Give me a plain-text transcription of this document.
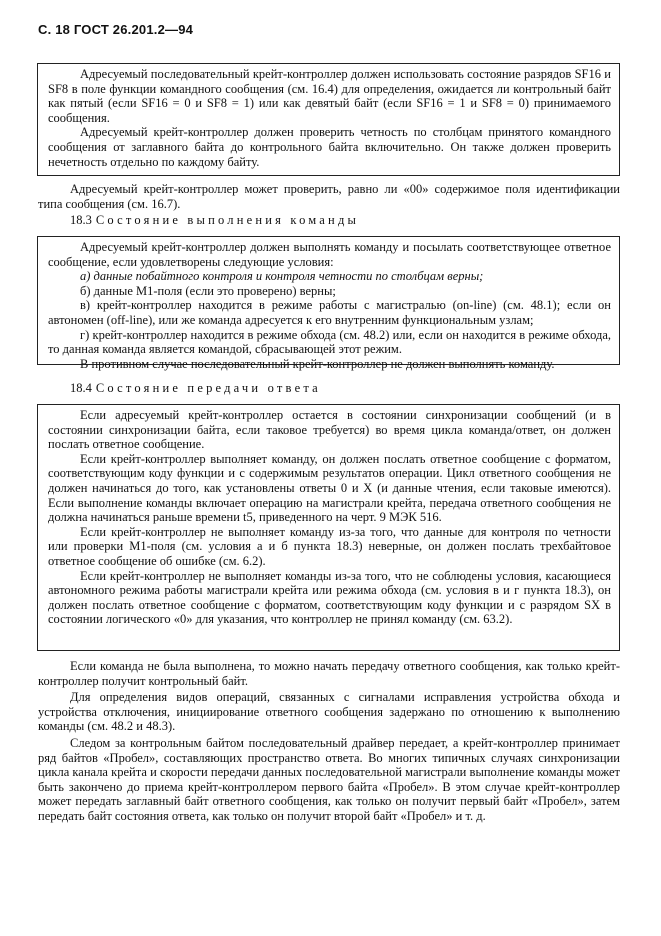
С. 18 ГОСТ 26.201.2—94

Адресуемый последовательный крейт-контроллер должен использовать состояние разрядов SF16 и SF8 в поле функции командного сообщения (см. 16.4) для определения, ожидается ли контрольный байт как пятый (если SF16 = 0 и SF8 = 1) или как девятый байт (если SF16 = 1 и SF8 = 0) принимаемого сообщения.

Адресуемый крейт-контроллер должен проверить четность по столбцам принятого командного сообщения от заглавного байта до контрольного байта включительно. Он также должен проверить нечетность отдельно по каждому байту.

Адресуемый крейт-контроллер может проверить, равно ли «00» содержимое поля идентификации типа сообщения (см. 16.7).

18.3 Состояние выполнения команды

Адресуемый крейт-контроллер должен выполнять команду и посылать соответствующее ответное сообщение, если удовлетворены следующие условия:

а) данные побайтного контроля и контроля четности по столбцам верны;

б) данные М1-поля (если это проверено) верны;

в) крейт-контроллер находится в режиме работы с магистралью (on-line) (см. 48.1); если он автономен (off-line), или же команда адресуется к его внутренним функциональным узлам;

г) крейт-контроллер находится в режиме обхода (см. 48.2) или, если он находится в режиме обхода, то данная команда является командой, сбрасывающей этот режим.

В противном случае последовательный крейт-контроллер не должен выполнять команду.

18.4 Состояние передачи ответа

Если адресуемый крейт-контроллер остается в состоянии синхронизации сообщений (и в состоянии синхронизации байта, если таковое требуется) во время цикла команда/ответ, он должен послать ответное сообщение.

Если крейт-контроллер выполняет команду, он должен послать ответное сообщение с форматом, соответствующим коду функции и с содержимым результатов операции. Цикл ответного сообщения не должен начинаться до того, как установлены ответы 0 и X (и данные чтения, если таковые имеются). Если выполнение команды включает операцию на магистрали крейта, передача ответного сообщения не должна начинаться раньше времени t5, приведенного на черт. 9 МЭК 516.

Если крейт-контроллер не выполняет команду из-за того, что данные для контроля по четности или проверки М1-поля (см. условия а и б пункта 18.3) неверные, он должен послать трехбайтовое ответное сообщение об ошибке (см. 6.2).

Если крейт-контроллер не выполняет команды из-за того, что не соблюдены условия, касающиеся автономного режима работы магистрали крейта или режима обхода (см. условия в и г пункта 18.3), он должен послать ответное сообщение с форматом, соответствующим коду функции и с разрядом SX в состоянии логического «0» для указания, что контроллер не принял команду (см. 63.2).

Если команда не была выполнена, то можно начать передачу ответного сообщения, как только крейт-контроллер получит контрольный байт.

Для определения видов операций, связанных с сигналами исправления устройства обхода и устройства отключения, инициирование ответного сообщения задержано по отношению к выполнению команды (см. 48.2 и 48.3).

Следом за контрольным байтом последовательный драйвер передает, а крейт-контроллер принимает ряд байтов «Пробел», составляющих пространство ответа. Во многих типичных случаях синхронизации цикла канала крейта и скорости передачи данных последовательной магистрали выполнение команды может быть закончено до приема крейт-контроллером первого байта «Пробел». В этом случае крейт-контроллер может передать заглавный байт ответного сообщения, как только он получит первый байт «Пробел», затем передать байт состояния ответа, как только он получит второй байт «Пробел» и т. д.
